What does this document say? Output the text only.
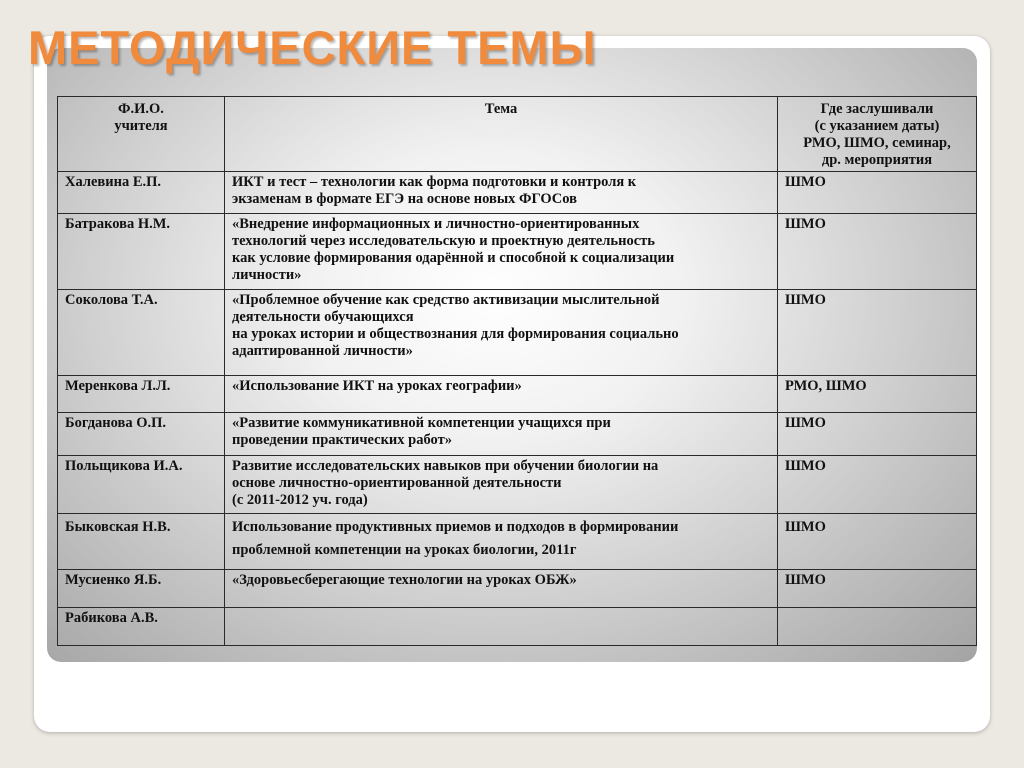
МЕТОДИЧЕСКИЕ ТЕМЫ
Ф.И.О.
учителя	Тема	Где заслушивали
(с указанием даты)
РМО, ШМО, семинар,
др. мероприятия
Халевина Е.П.	ИКТ и тест – технологии как форма подготовки и контроля к
экзаменам в формате ЕГЭ на основе новых ФГОСов	ШМО
Батракова Н.М.	«Внедрение информационных и личностно-ориентированных
технологий через исследовательскую и проектную деятельность
как условие формирования одарённой и способной к социализации
личности»	ШМО
Соколова Т.А.	«Проблемное обучение как средство активизации мыслительной
деятельности обучающихся
на уроках истории и обществознания для формирования социально
адаптированной личности»	ШМО
Меренкова Л.Л.	«Использование ИКТ на уроках географии»	РМО, ШМО
Богданова О.П.	«Развитие коммуникативной компетенции учащихся при
проведении практических работ»	ШМО
Польщикова И.А.	Развитие исследовательских навыков при обучении биологии на
основе личностно-ориентированной деятельности
(с 2011-2012 уч. года)	ШМО
Быковская Н.В.	Использование продуктивных приемов и подходов в формировании
проблемной компетенции на уроках биологии, 2011г	ШМО
Мусиенко Я.Б.	«Здоровьесберегающие технологии на уроках ОБЖ»	ШМО
Рабикова А.В.		
